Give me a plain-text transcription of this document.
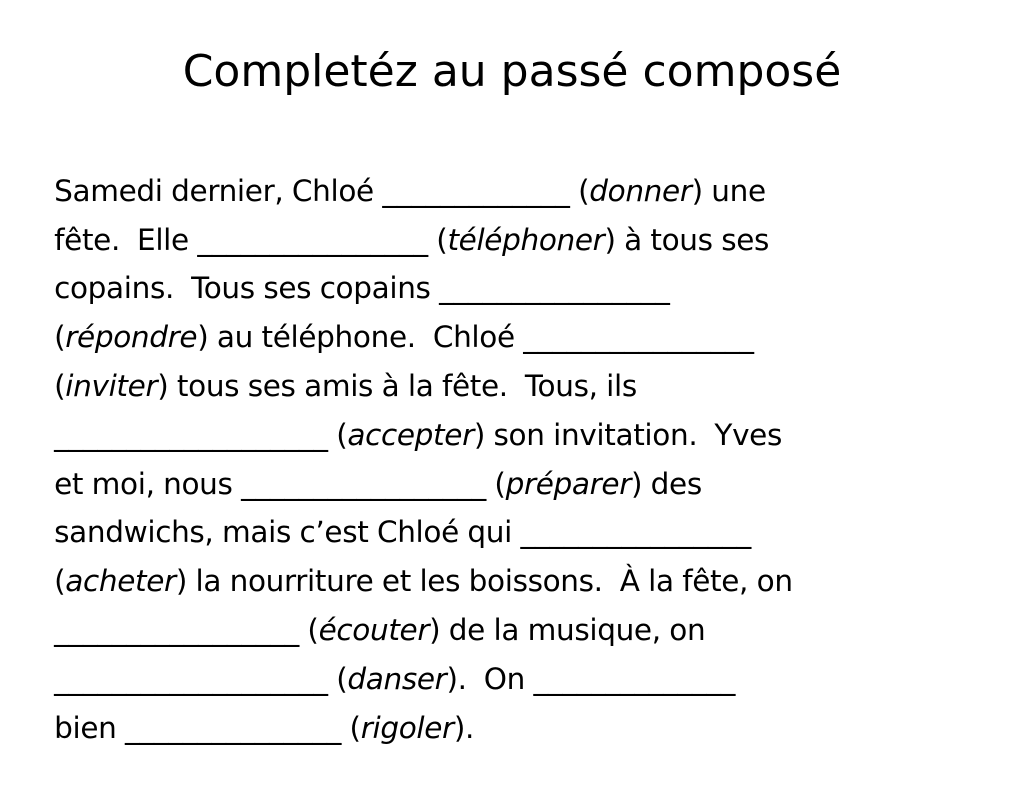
Completéz au passé composé

Samedi dernier, Chloé _____________ (donner) une

fête.  Elle ________________ (téléphoner) à tous ses

copains.  Tous ses copains ________________

(répondre) au téléphone.  Chloé ________________

(inviter) tous ses amis à la fête.  Tous, ils

___________________ (accepter) son invitation.  Yves

et moi, nous _________________ (préparer) des

sandwichs, mais c’est Chloé qui ________________

(acheter) la nourriture et les boissons.  À la fête, on

_________________ (écouter) de la musique, on

___________________ (danser).  On ______________

bien _______________ (rigoler).
